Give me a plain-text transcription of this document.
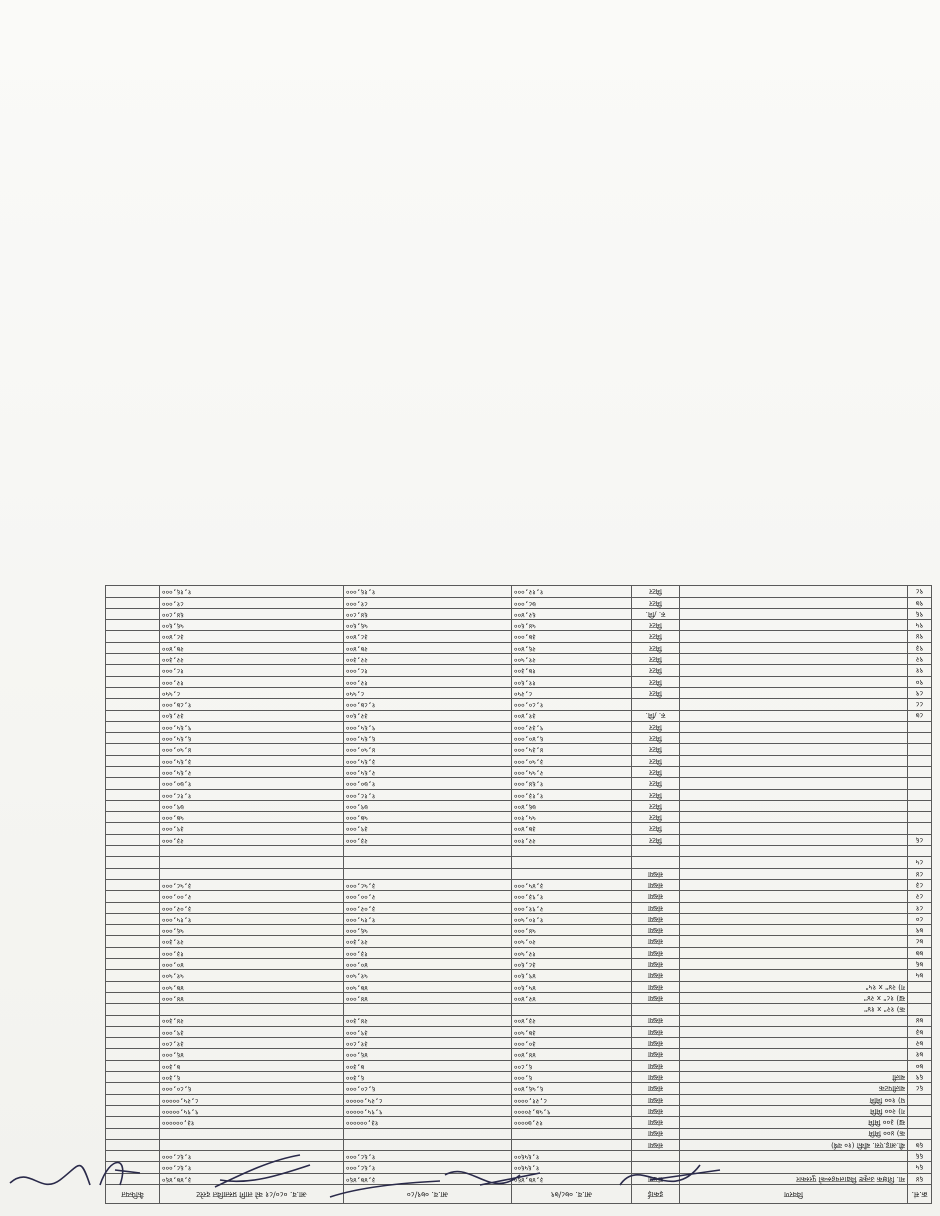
क्र.सं.	विवरण	इकाई	आ.व. ०७८/७९	आ.व. ०७९/८०	आ.व. ०८०/८१ को लागि प्रस्तावित दररेट	कैफियत
६४	मा. शिक्षक उत्कृष्ट विद्यालयहरूको पुरस्कार	संख्या	३,४७,४६०	३,४७,४६०	३,४७,४६०	
६५			१,६५६००	१,६८,०००	१,६८,०००	
६६			१,६५६००	१,६८,०००	१,६८,०००	
६७	बी.आइ.एस. बाँकी (१० वर्ष)	संख्या				
	क) ४०० मिमि	संख्या				
	ख) ३०० मिमि	संख्या	१२,७००००	१३,००००००	१३,००००००	
	ग) २०० मिमि	संख्या	९,५७,२००००	९,९५,०००००	९,९५,०००००	
	घ) १०० मिमि	संख्या	८,२१,००००	८,२५,०००००	८,२५,०००००	
६८	बालीपटक	संख्या	६,५६,४००	६,८०,०००	६,८०,०००	
६९	बाली	संख्या	६,०००	६,३००	६,३००	
७०		संख्या	६,८००	७,३००	७,३००	
७१		संख्या	४४,४००	४६,०००	४६,०००	
७२		संख्या	३०,०००	३१,८००	३१,८००	
७३		संख्या	३७,५००	३९,०००	३९,०००	
७४		संख्या	२३,४००	२४,३००	२४,३००	
	क) १२" x १४"					
	ख) १८" x २४"	संख्या	४२,४००	४४,०००	४४,०००	
	ग) २४" x १५"	संख्या	४५,६००	४७,५००	४७,५००	
७५		संख्या	४९,६००	५१,५००	५१,५००	
७६		संख्या	३८,६००	४०,०००	४०,०००	
७७		संख्या	१२,५००	१३,०००	१३,०००	
७८		संख्या	२०,५००	२१,३००	२१,३००	
७९		संख्या	५४,०००	५६,०००	५६,०००	
८०		संख्या	१,१०,५००	१,१५,०००	१,१५,०००	
८१		संख्या	२,९१,०००	३,०२,०००	३,०२,०००	
८२		संख्या	१,९३,०००	२,००,०००	२,००,०००	
८३		संख्या	३,४५,०००	३,५८,०००	३,५८,०००	
८४		संख्या				
८५						

८६		मिटर	२२,१००	२३,०००	२३,०००	
		मिटर	३७,४००	३९,०००	३९,०००	
		मिटर	५५,१००	५७,०००	५७,०००	
		मिटर	७६,४००	७९,०००	७९,०००	
		मिटर	१,१३,०००	१,१८,०००	१,१८,०००	
		मिटर	१,६४,०००	१,७०,०००	१,७०,०००	
		मिटर	२,५५,०००	२,६५,०००	२,६५,०००	
		मिटर	३,५०,०००	३,६५,०००	३,६५,०००	
		मिटर	४,३५,०००	४,५०,०००	४,५०,०००	
		मिटर	६,४०,०००	६,६५,०००	६,६५,०००	
		मिटर	९,३२,०००	९,६५,०००	९,६५,०००	
८७		रु. /मि.	३१,४००	३२,६००	३२,६००	
८८			१,८०,०००	१,८७,०००	१,८७,०००	
८९		मिटर	८,२५०	८,५५०	८,५५०	
९०		मिटर	११,६००	१२,०००	१२,०००	
९१		मिटर	१७,३००	१८,०००	१८,०००	
९२		मिटर	२१,५००	२२,३००	२२,३००	
९३		मिटर	२६,४००	२७,४००	२७,४००	
९४		मिटर	३७,०००	३८,४००	३८,४००	
९५		मिटर	५४,६००	५६,६००	५६,६००	
९६		रु. /मि.	६२,४००	६४,८००	६४,८००	
९७		मिटर	७८,०००	८१,०००	८१,०००	
९८		मिटर	१,१२,०००	१,१६,०००	१,१६,०००	
